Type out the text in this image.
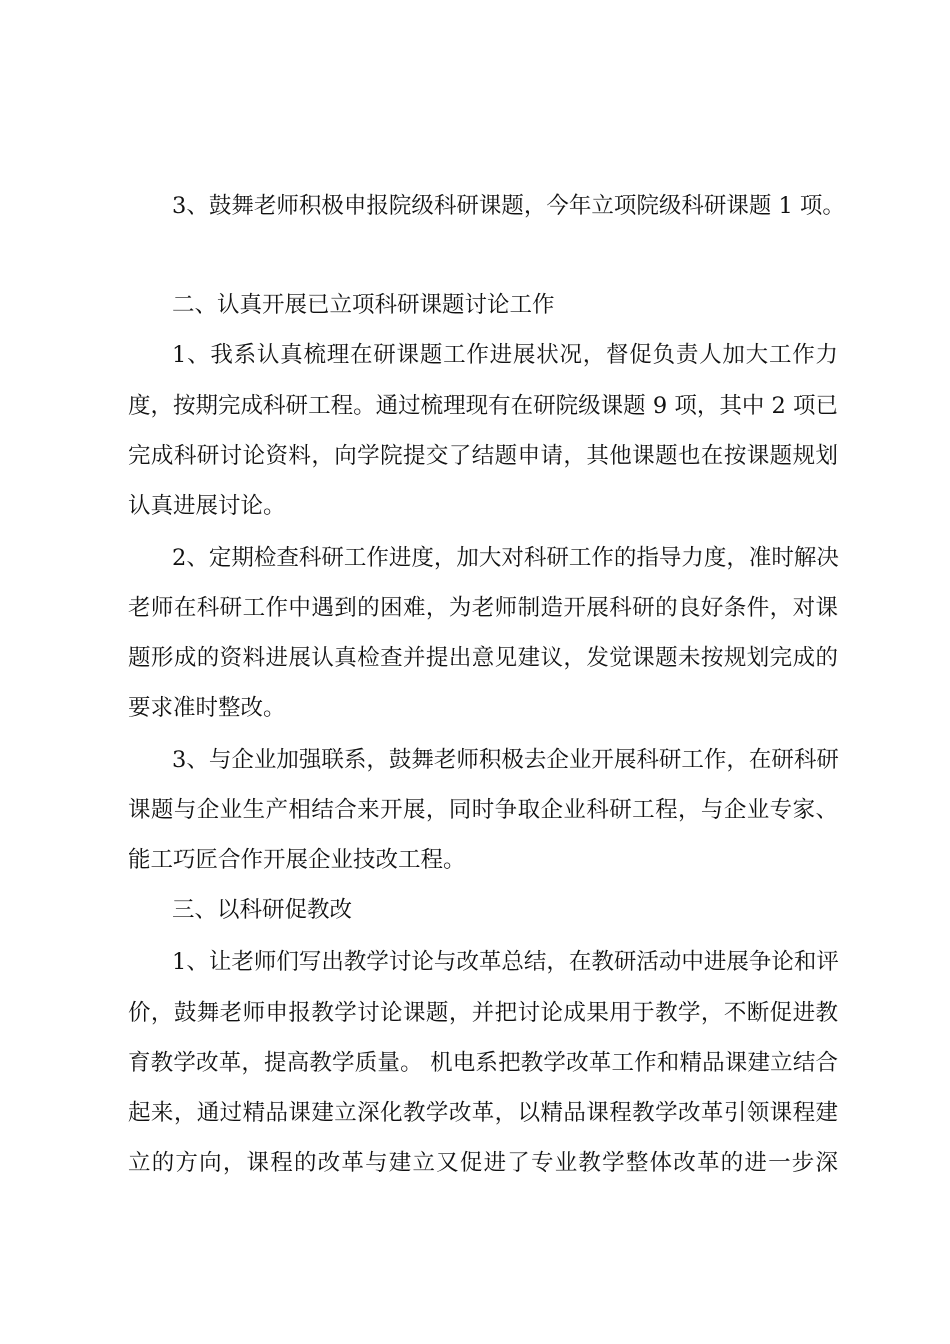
3、鼓舞老师积极申报院级科研课题，今年立项院级科研课题 1 项。
二、认真开展已立项科研课题讨论工作
1、我系认真梳理在研课题工作进展状况，督促负责人加大工作力
度，按期完成科研工程。通过梳理现有在研院级课题 9 项，其中 2 项已
完成科研讨论资料，向学院提交了结题申请，其他课题也在按课题规划
认真进展讨论。
2、定期检查科研工作进度，加大对科研工作的指导力度，准时解决
老师在科研工作中遇到的困难，为老师制造开展科研的良好条件，对课
题形成的资料进展认真检查并提出意见建议，发觉课题未按规划完成的
要求准时整改。
3、与企业加强联系，鼓舞老师积极去企业开展科研工作，在研科研
课题与企业生产相结合来开展，同时争取企业科研工程，与企业专家、
能工巧匠合作开展企业技改工程。
三、以科研促教改
1、让老师们写出教学讨论与改革总结，在教研活动中进展争论和评
价，鼓舞老师申报教学讨论课题，并把讨论成果用于教学，不断促进教
育教学改革，提高教学质量。 机电系把教学改革工作和精品课建立结合
起来，通过精品课建立深化教学改革，以精品课程教学改革引领课程建
立的方向，课程的改革与建立又促进了专业教学整体改革的进一步深
